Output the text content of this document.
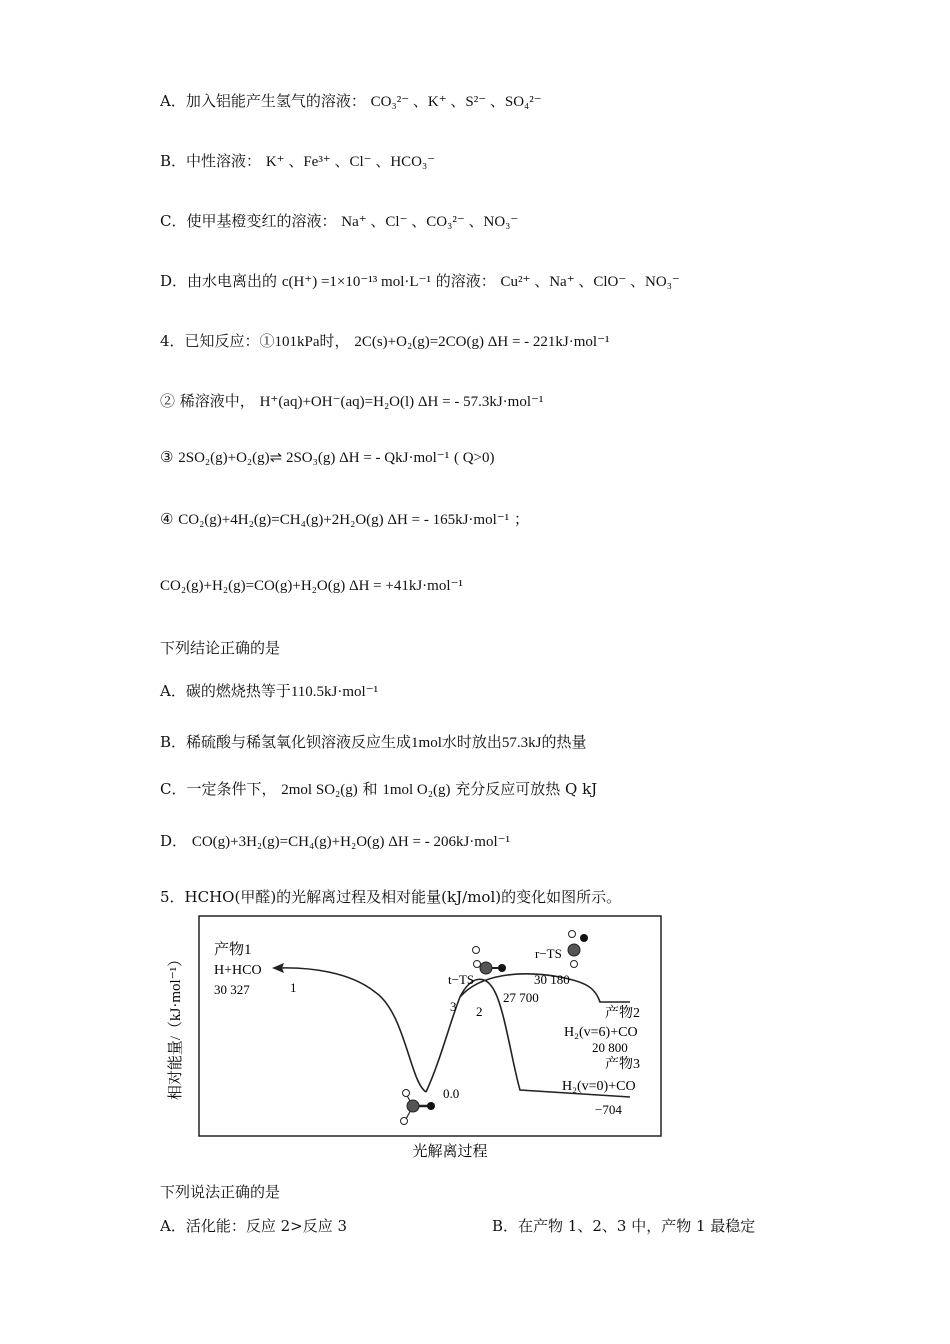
A．加入铝能产生氢气的溶液： CO₃²⁻ 、K⁺ 、S²⁻ 、SO₄²⁻
B．中性溶液： K⁺ 、Fe³⁺ 、Cl⁻ 、HCO₃⁻
C．使甲基橙变红的溶液： Na⁺ 、Cl⁻ 、CO₃²⁻ 、NO₃⁻
D．由水电离出的 c(H⁺) =1×10⁻¹³ mol·L⁻¹ 的溶液： Cu²⁺ 、Na⁺ 、ClO⁻ 、NO₃⁻
4．已知反应：①101kPa时， 2C(s)+O₂(g)=2CO(g) ΔH = - 221kJ·mol⁻¹
② 稀溶液中， H⁺(aq)+OH⁻(aq)=H₂O(l) ΔH = - 57.3kJ·mol⁻¹
③ 2SO₂(g)+O₂(g)⇌ 2SO₃(g) ΔH = - QkJ·mol⁻¹ ( Q>0)
④ CO₂(g)+4H₂(g)=CH₄(g)+2H₂O(g) ΔH = - 165kJ·mol⁻¹ ；
CO₂(g)+H₂(g)=CO(g)+H₂O(g) ΔH = +41kJ·mol⁻¹
下列结论正确的是
A．碳的燃烧热等于110.5kJ·mol⁻¹
B．稀硫酸与稀氢氧化钡溶液反应生成1mol水时放出57.3kJ的热量
C．一定条件下， 2mol SO₂(g) 和 1mol O₂(g) 充分反应可放热 Q kJ
D． CO(g)+3H₂(g)=CH₄(g)+H₂O(g) ΔH = - 206kJ·mol⁻¹
5．HCHO(甲醛)的光解离过程及相对能量(kJ/mol)的变化如图所示。
相对能量/（kJ·mol⁻¹）
光解离过程
产物1
H+HCO
30 327	1
0.0
t−TS
3 2
27 700
r−TS
30 180
产物2
H₂(v=6)+CO
20 800
产物3
H₂(v=0)+CO
−704
下列说法正确的是
A．活化能：反应 2>反应 3	B．在产物 1、2、3 中，产物 1 最稳定
